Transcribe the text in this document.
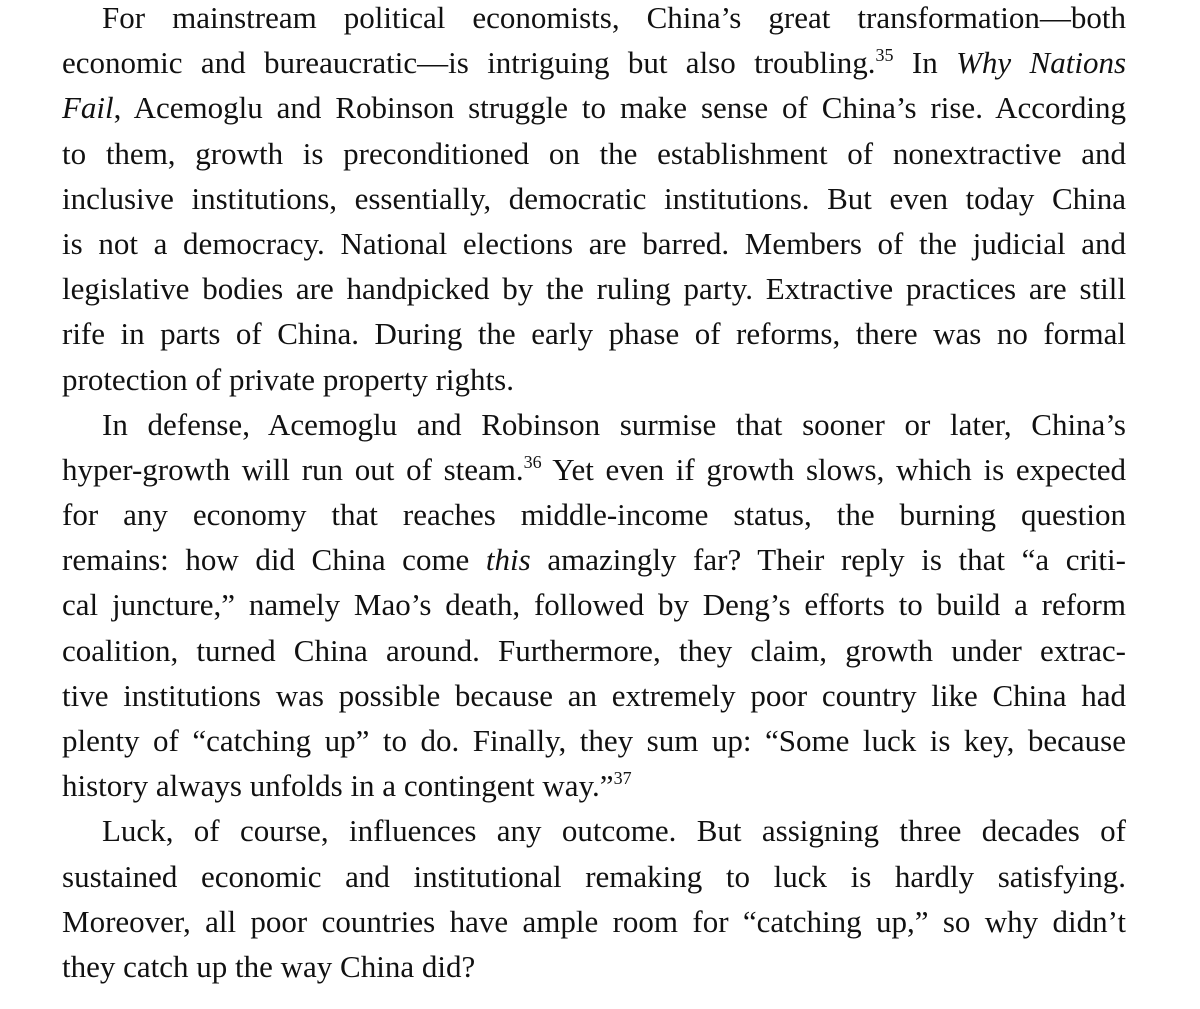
For mainstream political economists, China’s great transformation—both
economic and bureaucratic—is intriguing but also troubling.$^{35}$ In Why Nations
Fail, Acemoglu and Robinson struggle to make sense of China’s rise. According
to them, growth is preconditioned on the establishment of nonextractive and
inclusive institutions, essentially, democratic institutions. But even today China
is not a democracy. National elections are barred. Members of the judicial and
legislative bodies are handpicked by the ruling party. Extractive practices are still
rife in parts of China. During the early phase of reforms, there was no formal
protection of private property rights.
In defense, Acemoglu and Robinson surmise that sooner or later, China’s
hyper-growth will run out of steam.$^{36}$ Yet even if growth slows, which is expected
for any economy that reaches middle-income status, the burning question
remains: how did China come this amazingly far? Their reply is that “a criti-
cal juncture,” namely Mao’s death, followed by Deng’s efforts to build a reform
coalition, turned China around. Furthermore, they claim, growth under extrac-
tive institutions was possible because an extremely poor country like China had
plenty of “catching up” to do. Finally, they sum up: “Some luck is key, because
history always unfolds in a contingent way.”$^{37}$
Luck, of course, influences any outcome. But assigning three decades of
sustained economic and institutional remaking to luck is hardly satisfying.
Moreover, all poor countries have ample room for “catching up,” so why didn’t
they catch up the way China did?
